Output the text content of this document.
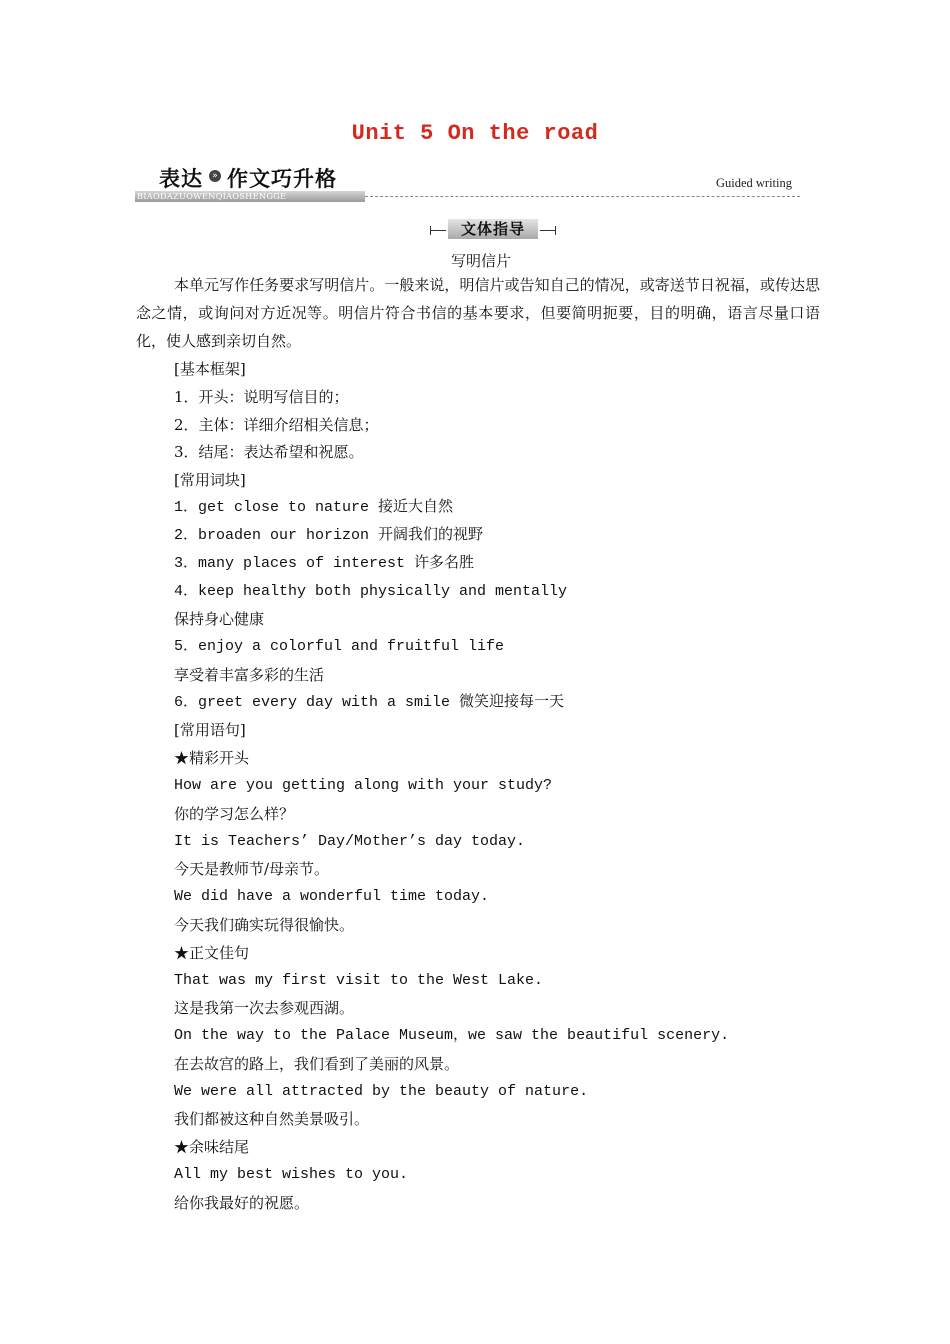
Unit 5 On the road
表达	» 作文巧升格
BIAODAZUOWENQIAOSHENGGE
Guided writing
文体指导
写明信片
本单元写作任务要求写明信片。一般来说，明信片或告知自己的情况，或寄送节日祝福，或传达思念之情，或询问对方近况等。明信片符合书信的基本要求，但要简明扼要，目的明确，语言尽量口语化，使人感到亲切自然。
[基本框架]
1．开头：说明写信目的；
2．主体：详细介绍相关信息；
3．结尾：表达希望和祝愿。
[常用词块]
1．get close to nature 接近大自然
2．broaden our horizon 开阔我们的视野
3．many places of interest 许多名胜
4．keep healthy both physically and mentally
保持身心健康
5．enjoy a colorful and fruitful life
享受着丰富多彩的生活
6．greet every day with a smile 微笑迎接每一天
[常用语句]
★精彩开头
How are you getting along with your study?
你的学习怎么样？
It is Teachers’ Day/Mother’s day today.
今天是教师节/母亲节。
We did have a wonderful time today.
今天我们确实玩得很愉快。
★正文佳句
That was my first visit to the West Lake.
这是我第一次去参观西湖。
On the way to the Palace Museum，we saw the beautiful scenery.
在去故宫的路上，我们看到了美丽的风景。
We were all attracted by the beauty of nature.
我们都被这种自然美景吸引。
★余味结尾
All my best wishes to you.
给你我最好的祝愿。
